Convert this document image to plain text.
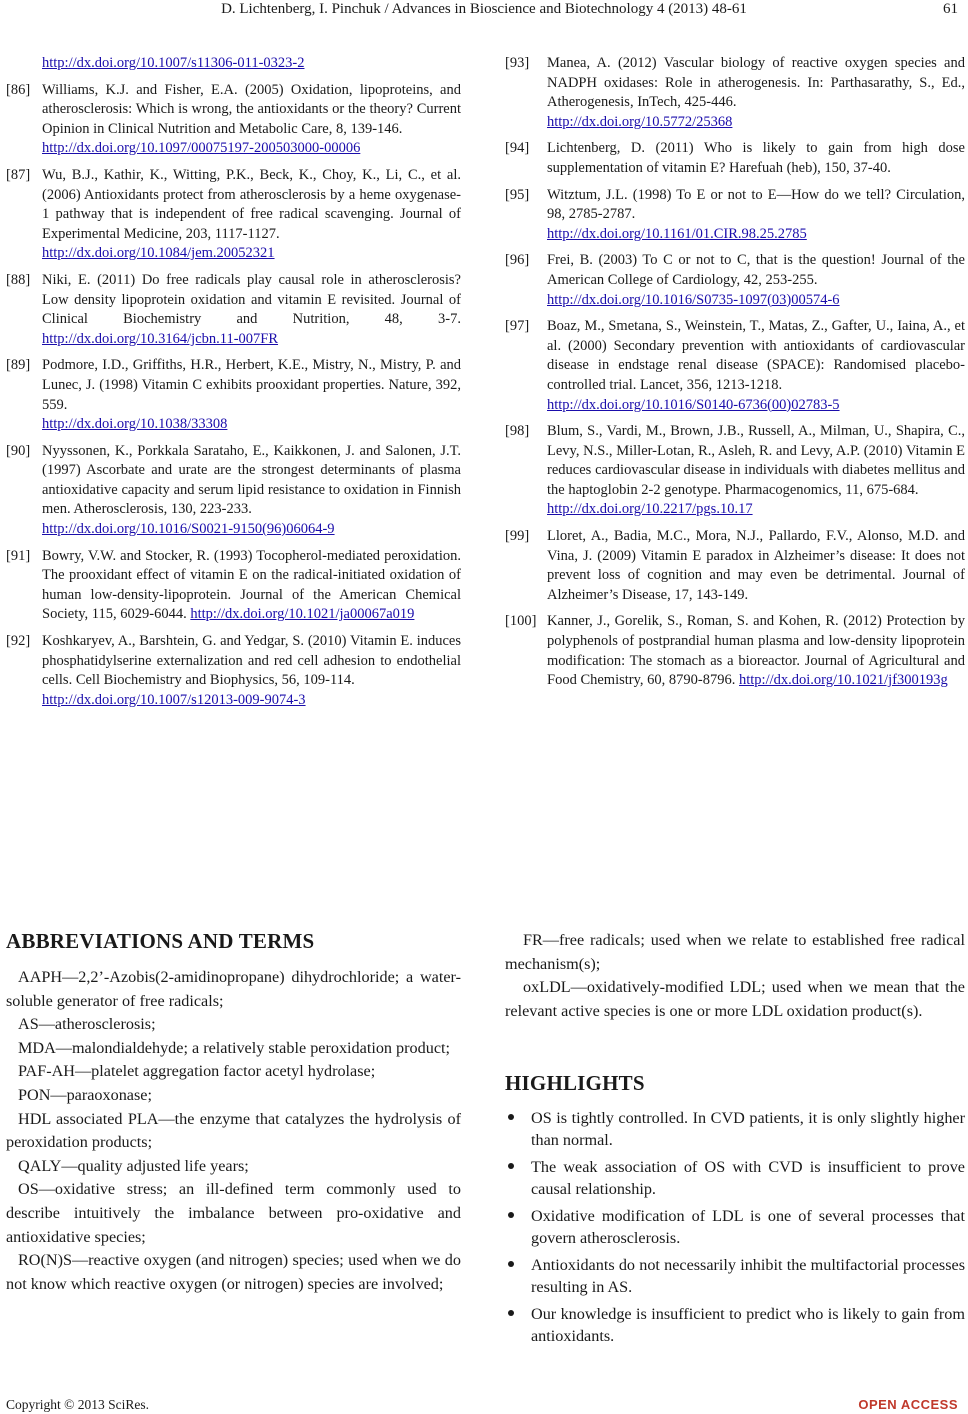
D. Lichtenberg, I. Pinchuk / Advances in Bioscience and Biotechnology 4 (2013) 48-61	61
http://dx.doi.org/10.1007/s11306-011-0323-2
[86] Williams, K.J. and Fisher, E.A. (2005) Oxidation, lipoproteins, and atherosclerosis: Which is wrong, the antioxidants or the theory? Current Opinion in Clinical Nutrition and Metabolic Care, 8, 139-146.
http://dx.doi.org/10.1097/00075197-200503000-00006
[87] Wu, B.J., Kathir, K., Witting, P.K., Beck, K., Choy, K., Li, C., et al. (2006) Antioxidants protect from atherosclerosis by a heme oxygenase-1 pathway that is independent of free radical scavenging. Journal of Experimental Medicine, 203, 1117-1127.
http://dx.doi.org/10.1084/jem.20052321
[88] Niki, E. (2011) Do free radicals play causal role in atherosclerosis? Low density lipoprotein oxidation and vitamin E revisited. Journal of Clinical Biochemistry and Nutrition, 48, 3-7. http://dx.doi.org/10.3164/jcbn.11-007FR
[89] Podmore, I.D., Griffiths, H.R., Herbert, K.E., Mistry, N., Mistry, P. and Lunec, J. (1998) Vitamin C exhibits prooxidant properties. Nature, 392, 559.
http://dx.doi.org/10.1038/33308
[90] Nyyssonen, K., Porkkala Sarataho, E., Kaikkonen, J. and Salonen, J.T. (1997) Ascorbate and urate are the strongest determinants of plasma antioxidative capacity and serum lipid resistance to oxidation in Finnish men. Atherosclerosis, 130, 223-233.
http://dx.doi.org/10.1016/S0021-9150(96)06064-9
[91] Bowry, V.W. and Stocker, R. (1993) Tocopherol-mediated peroxidation. The prooxidant effect of vitamin E on the radical-initiated oxidation of human low-density-lipoprotein. Journal of the American Chemical Society, 115, 6029-6044. http://dx.doi.org/10.1021/ja00067a019
[92] Koshkaryev, A., Barshtein, G. and Yedgar, S. (2010) Vitamin E. induces phosphatidylserine externalization and red cell adhesion to endothelial cells. Cell Biochemistry and Biophysics, 56, 109-114.
http://dx.doi.org/10.1007/s12013-009-9074-3
[93] Manea, A. (2012) Vascular biology of reactive oxygen species and NADPH oxidases: Role in atherogenesis. In: Parthasarathy, S., Ed., Atherogenesis, InTech, 425-446.
http://dx.doi.org/10.5772/25368
[94] Lichtenberg, D. (2011) Who is likely to gain from high dose supplementation of vitamin E? Harefuah (heb), 150, 37-40.
[95] Witztum, J.L. (1998) To E or not to E—How do we tell? Circulation, 98, 2785-2787.
http://dx.doi.org/10.1161/01.CIR.98.25.2785
[96] Frei, B. (2003) To C or not to C, that is the question! Journal of the American College of Cardiology, 42, 253-255.
http://dx.doi.org/10.1016/S0735-1097(03)00574-6
[97] Boaz, M., Smetana, S., Weinstein, T., Matas, Z., Gafter, U., Iaina, A., et al. (2000) Secondary prevention with antioxidants of cardiovascular disease in endstage renal disease (SPACE): Randomised placebo-controlled trial. Lancet, 356, 1213-1218.
http://dx.doi.org/10.1016/S0140-6736(00)02783-5
[98] Blum, S., Vardi, M., Brown, J.B., Russell, A., Milman, U., Shapira, C., Levy, N.S., Miller-Lotan, R., Asleh, R. and Levy, A.P. (2010) Vitamin E reduces cardiovascular disease in individuals with diabetes mellitus and the haptoglobin 2-2 genotype. Pharmacogenomics, 11, 675-684.
http://dx.doi.org/10.2217/pgs.10.17
[99] Lloret, A., Badia, M.C., Mora, N.J., Pallardo, F.V., Alonso, M.D. and Vina, J. (2009) Vitamin E paradox in Alzheimer’s disease: It does not prevent loss of cognition and may even be detrimental. Journal of Alzheimer’s Disease, 17, 143-149.
[100] Kanner, J., Gorelik, S., Roman, S. and Kohen, R. (2012) Protection by polyphenols of postprandial human plasma and low-density lipoprotein modification: The stomach as a bioreactor. Journal of Agricultural and Food Chemistry, 60, 8790-8796. http://dx.doi.org/10.1021/jf300193g
ABBREVIATIONS AND TERMS

AAPH—2,2’-Azobis(2-amidinopropane) dihydrochloride; a water-soluble generator of free radicals;

AS—atherosclerosis;

MDA—malondialdehyde; a relatively stable peroxidation product;

PAF-AH—platelet aggregation factor acetyl hydrolase;

PON—paraoxonase;

HDL associated PLA—the enzyme that catalyzes the hydrolysis of peroxidation products;

QALY—quality adjusted life years;

OS—oxidative stress; an ill-defined term commonly used to describe intuitively the imbalance between pro-oxidative and antioxidative species;

RO(N)S—reactive oxygen (and nitrogen) species; used when we do not know which reactive oxygen (or nitrogen) species are involved;

FR—free radicals; used when we relate to established free radical mechanism(s);

oxLDL—oxidatively-modified LDL; used when we mean that the relevant active species is one or more LDL oxidation product(s).

HIGHLIGHTS
OS is tightly controlled. In CVD patients, it is only slightly higher than normal.
The weak association of OS with CVD is insufficient to prove causal relationship.
Oxidative modification of LDL is one of several processes that govern atherosclerosis.
Antioxidants do not necessarily inhibit the multifactorial processes resulting in AS.
Our knowledge is insufficient to predict who is likely to gain from antioxidants.
Copyright © 2013 SciRes.	OPEN ACCESS
